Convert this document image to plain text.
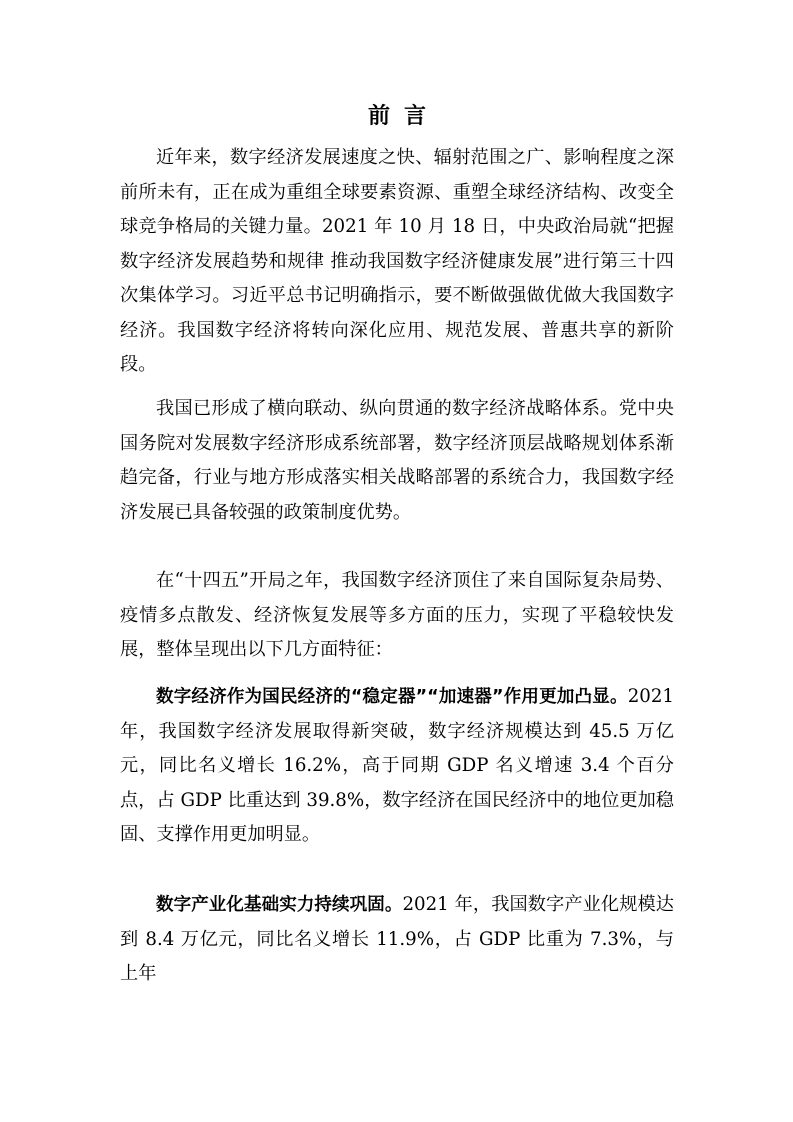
前言

近年来，数字经济发展速度之快、辐射范围之广、影响程度之深前所未有，正在成为重组全球要素资源、重塑全球经济结构、改变全球竞争格局的关键力量。2021 年 10 月 18 日，中央政治局就“把握数字经济发展趋势和规律 推动我国数字经济健康发展”进行第三十四次集体学习。习近平总书记明确指示，要不断做强做优做大我国数字经济。我国数字经济将转向深化应用、规范发展、普惠共享的新阶段。

我国已形成了横向联动、纵向贯通的数字经济战略体系。党中央国务院对发展数字经济形成系统部署，数字经济顶层战略规划体系渐趋完备，行业与地方形成落实相关战略部署的系统合力，我国数字经济发展已具备较强的政策制度优势。

在“十四五”开局之年，我国数字经济顶住了来自国际复杂局势、疫情多点散发、经济恢复发展等多方面的压力，实现了平稳较快发展，整体呈现出以下几方面特征：

数字经济作为国民经济的“稳定器”“加速器”作用更加凸显。2021 年，我国数字经济发展取得新突破，数字经济规模达到 45.5 万亿元，同比名义增长 16.2%，高于同期 GDP 名义增速 3.4 个百分点，占 GDP 比重达到 39.8%，数字经济在国民经济中的地位更加稳固、支撑作用更加明显。

数字产业化基础实力持续巩固。2021 年，我国数字产业化规模达到 8.4 万亿元，同比名义增长 11.9%，占 GDP 比重为 7.3%，与上年
